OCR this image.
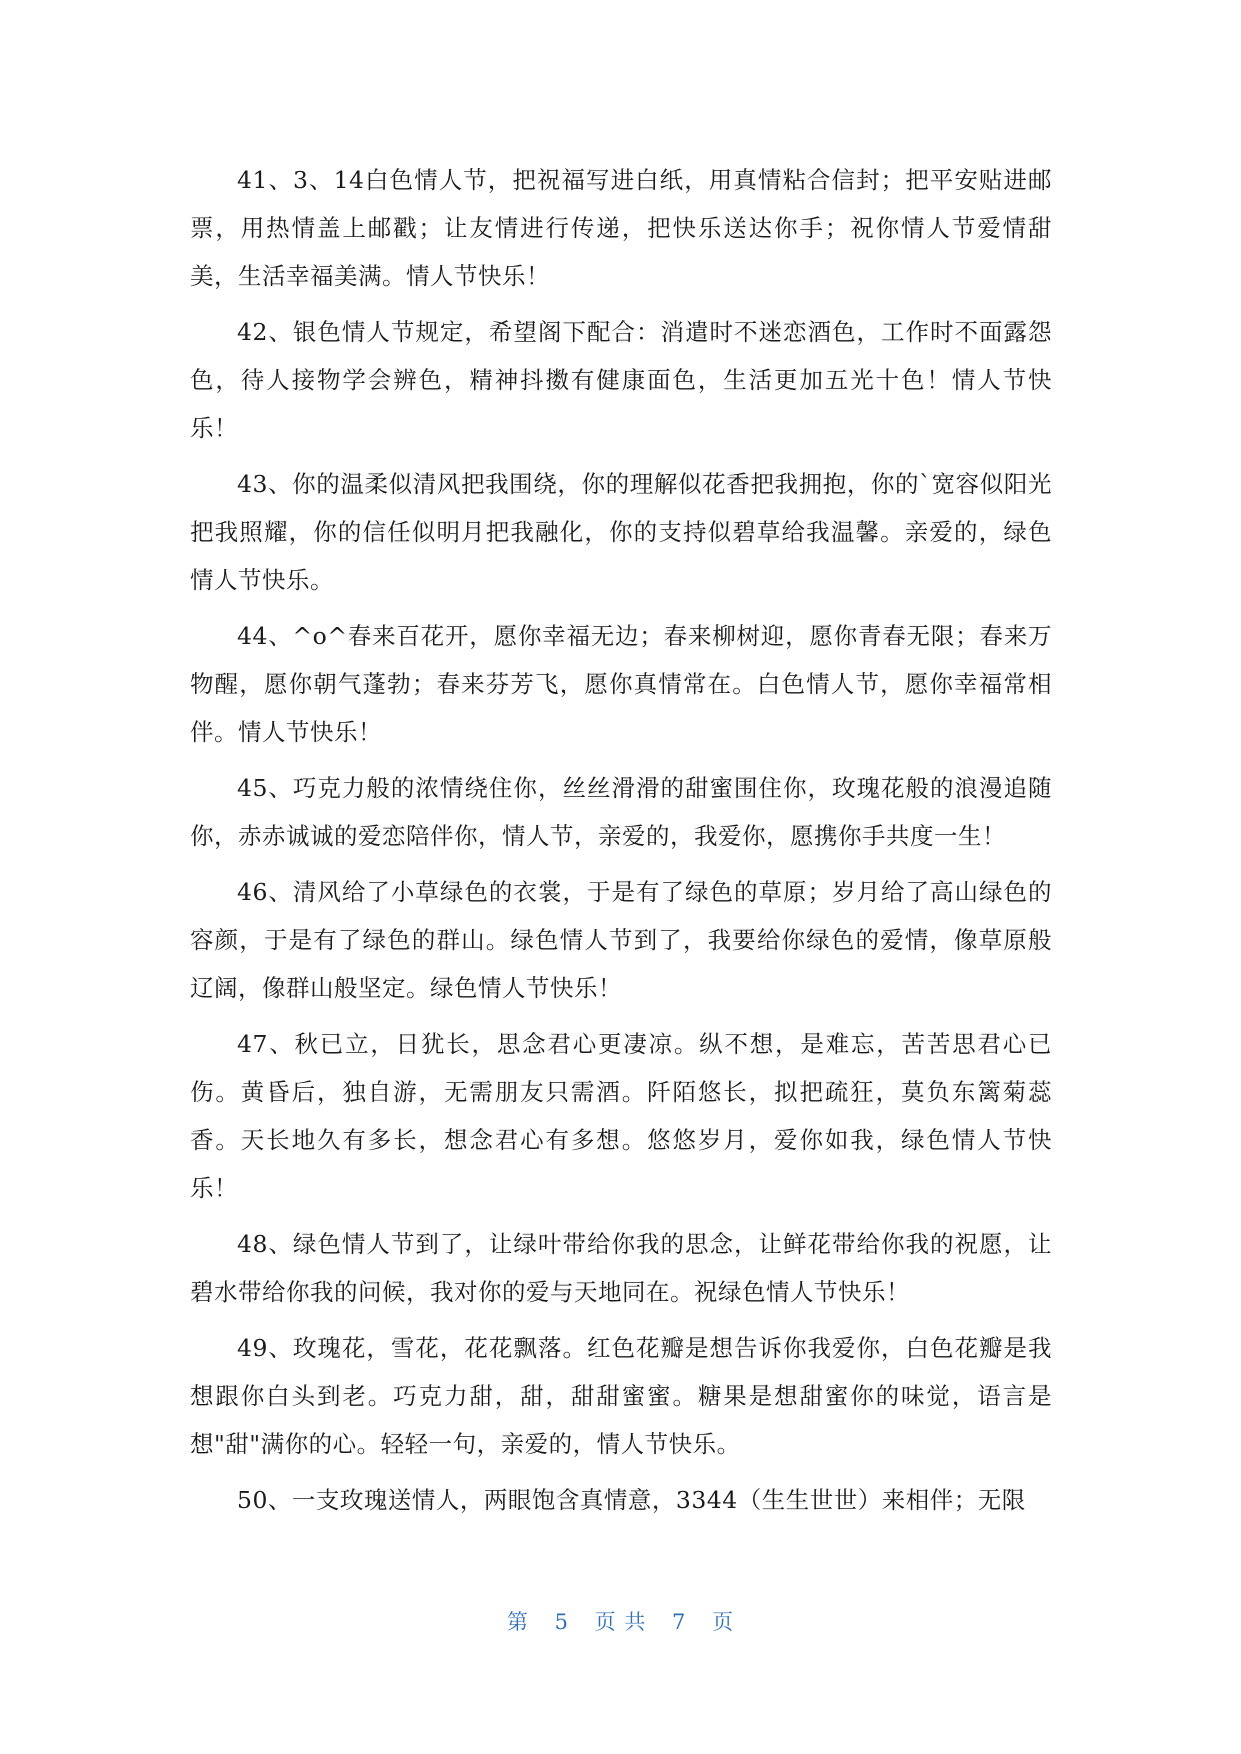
41、3、14白色情人节，把祝福写进白纸，用真情粘合信封；把平安贴进邮票，用热情盖上邮戳；让友情进行传递，把快乐送达你手；祝你情人节爱情甜美，生活幸福美满。情人节快乐！

42、银色情人节规定，希望阁下配合：消遣时不迷恋酒色，工作时不面露怨色，待人接物学会辨色，精神抖擞有健康面色，生活更加五光十色！情人节快乐！

43、你的温柔似清风把我围绕，你的理解似花香把我拥抱，你的`宽容似阳光把我照耀，你的信任似明月把我融化，你的支持似碧草给我温馨。亲爱的，绿色情人节快乐。

44、^o^春来百花开，愿你幸福无边；春来柳树迎，愿你青春无限；春来万物醒，愿你朝气蓬勃；春来芬芳飞，愿你真情常在。白色情人节，愿你幸福常相伴。情人节快乐！

45、巧克力般的浓情绕住你，丝丝滑滑的甜蜜围住你，玫瑰花般的浪漫追随你，赤赤诚诚的爱恋陪伴你，情人节，亲爱的，我爱你，愿携你手共度一生！

46、清风给了小草绿色的衣裳，于是有了绿色的草原；岁月给了高山绿色的容颜，于是有了绿色的群山。绿色情人节到了，我要给你绿色的爱情，像草原般辽阔，像群山般坚定。绿色情人节快乐！

47、秋已立，日犹长，思念君心更凄凉。纵不想，是难忘，苦苦思君心已伤。黄昏后，独自游，无需朋友只需酒。阡陌悠长，拟把疏狂，莫负东篱菊蕊香。天长地久有多长，想念君心有多想。悠悠岁月，爱你如我，绿色情人节快乐！

48、绿色情人节到了，让绿叶带给你我的思念，让鲜花带给你我的祝愿，让碧水带给你我的问候，我对你的爱与天地同在。祝绿色情人节快乐！

49、玫瑰花，雪花，花花飘落。红色花瓣是想告诉你我爱你，白色花瓣是我想跟你白头到老。巧克力甜，甜，甜甜蜜蜜。糖果是想甜蜜你的味觉，语言是想"甜"满你的心。轻轻一句，亲爱的，情人节快乐。

50、一支玫瑰送情人，两眼饱含真情意，3344（生生世世）来相伴；无限

第 5 页 共 7 页
